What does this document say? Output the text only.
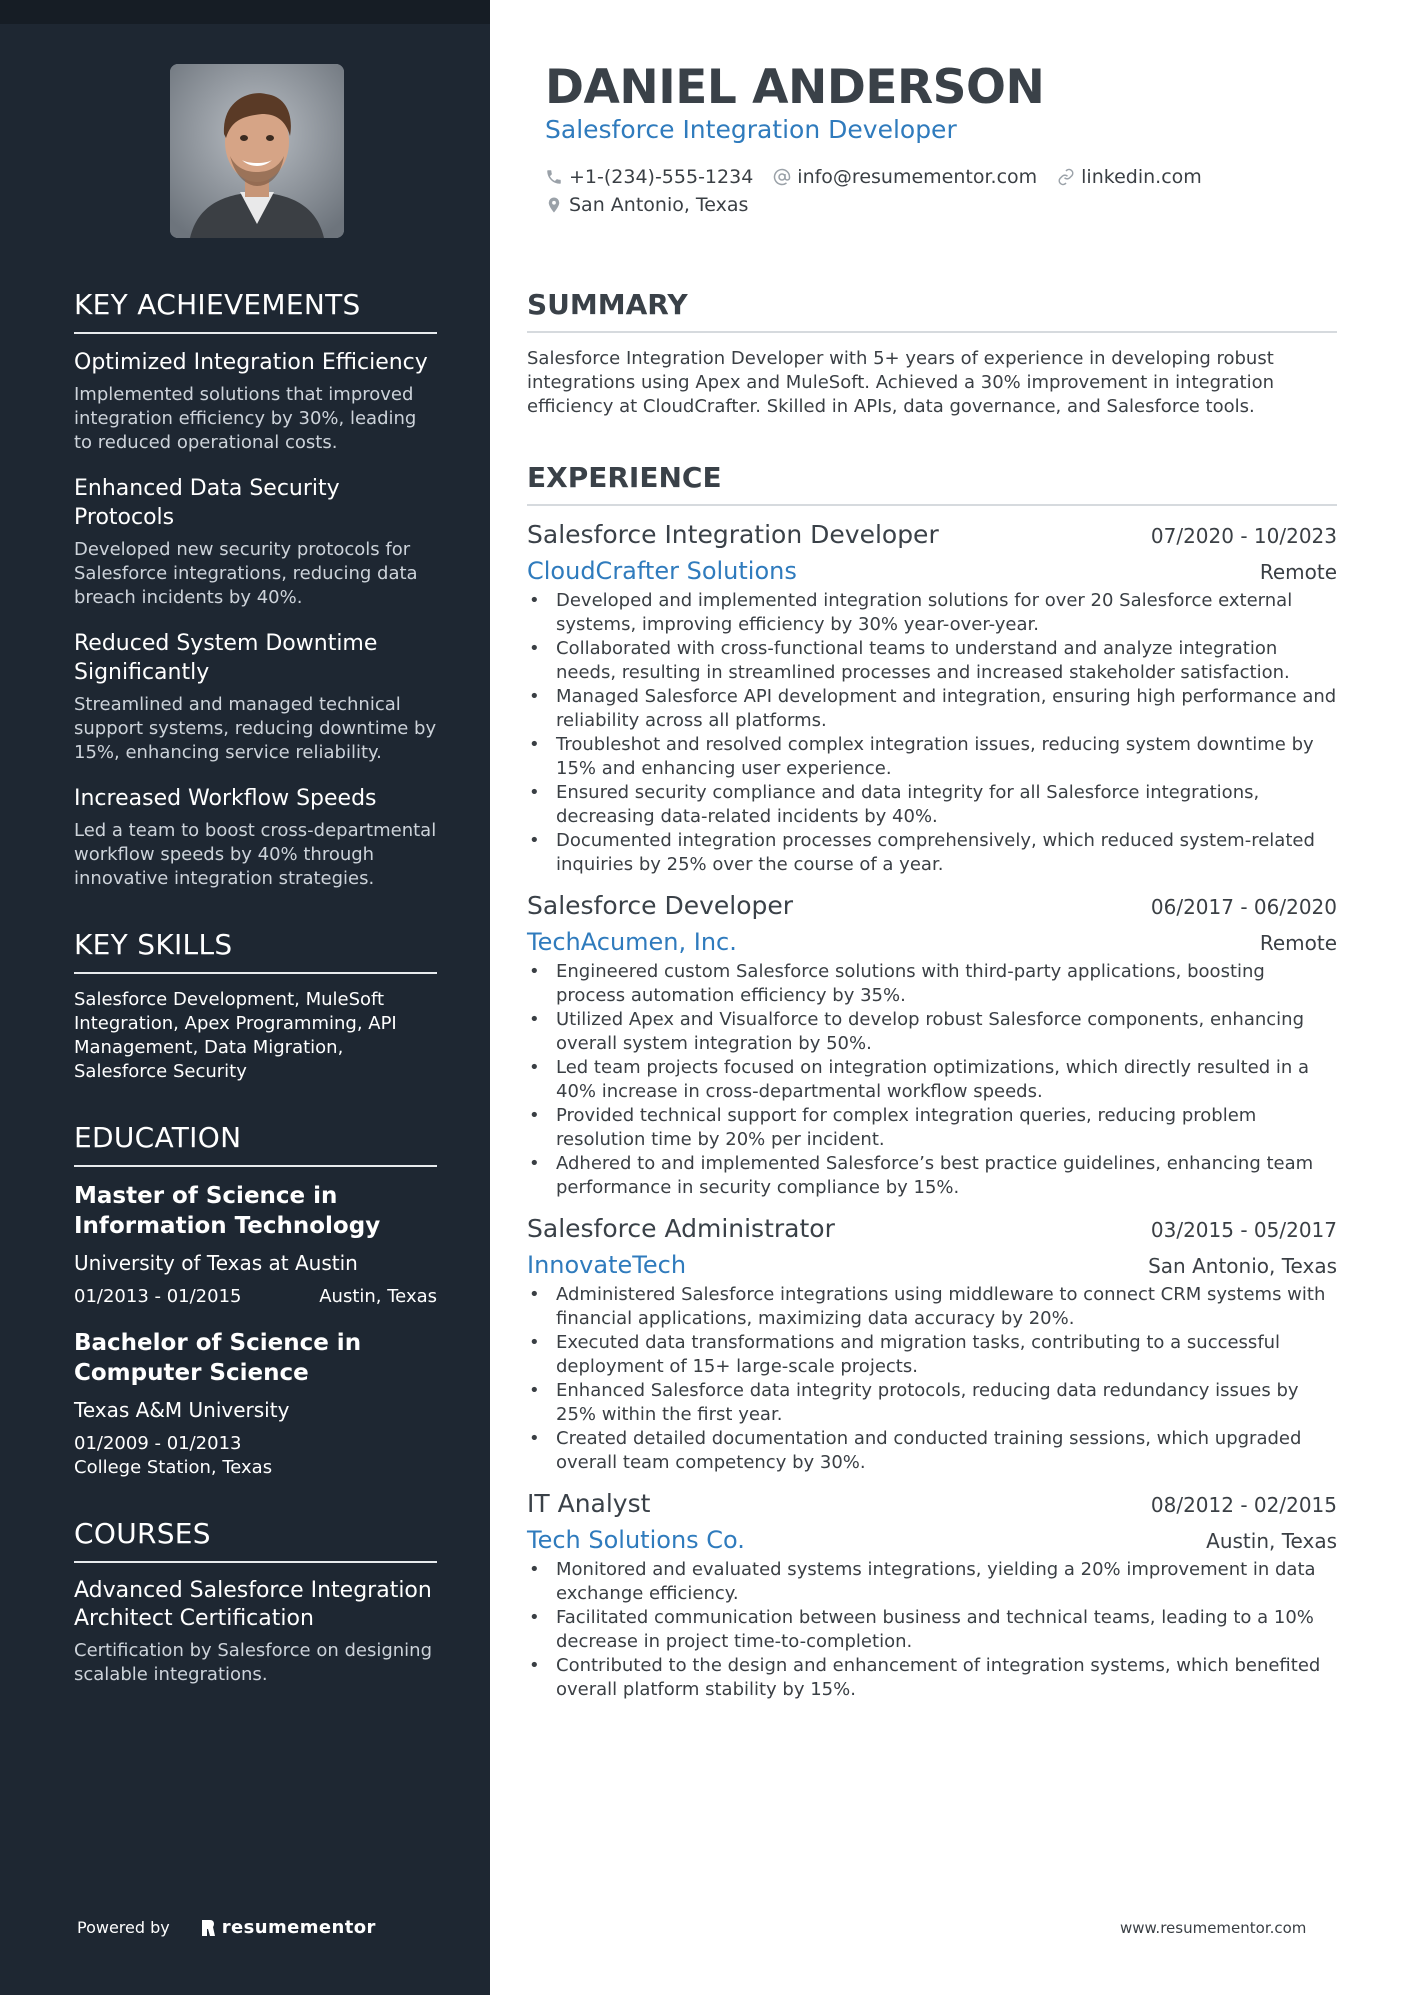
KEY ACHIEVEMENTS
Optimized Integration Efficiency
Implemented solutions that improved integration efficiency by 30%, leading to reduced operational costs.
Enhanced Data Security Protocols
Developed new security protocols for Salesforce integrations, reducing data breach incidents by 40%.
Reduced System Downtime Significantly
Streamlined and managed technical support systems, reducing downtime by 15%, enhancing service reliability.
Increased Workflow Speeds
Led a team to boost cross-departmental workflow speeds by 40% through innovative integration strategies.
KEY SKILLS
Salesforce Development, MuleSoft Integration, Apex Programming, API Management, Data Migration, Salesforce Security
EDUCATION
Master of Science in Information Technology
University of Texas at Austin
01/2013 - 01/2015	Austin, Texas
Bachelor of Science in Computer Science
Texas A&M University
01/2009 - 01/2013
College Station, Texas
COURSES
Advanced Salesforce Integration Architect Certification
Certification by Salesforce on designing scalable integrations.
Powered by	resumementor
DANIEL ANDERSON
Salesforce Integration Developer
+1-(234)-555-1234 info@resumementor.com linkedin.com
San Antonio, Texas
SUMMARY

Salesforce Integration Developer with 5+ years of experience in developing robust integrations using Apex and MuleSoft. Achieved a 30% improvement in integration efficiency at CloudCrafter. Skilled in APIs, data governance, and Salesforce tools.

EXPERIENCE
Salesforce Integration Developer	07/2020 - 10/2023
CloudCrafter Solutions	Remote
• Developed and implemented integration solutions for over 20 Salesforce external systems, improving efficiency by 30% year-over-year.
• Collaborated with cross-functional teams to understand and analyze integration needs, resulting in streamlined processes and increased stakeholder satisfaction.
• Managed Salesforce API development and integration, ensuring high performance and reliability across all platforms.
• Troubleshot and resolved complex integration issues, reducing system downtime by 15% and enhancing user experience.
• Ensured security compliance and data integrity for all Salesforce integrations, decreasing data-related incidents by 40%.
• Documented integration processes comprehensively, which reduced system-related inquiries by 25% over the course of a year.
Salesforce Developer	06/2017 - 06/2020
TechAcumen, Inc.	Remote
• Engineered custom Salesforce solutions with third-party applications, boosting process automation efficiency by 35%.
• Utilized Apex and Visualforce to develop robust Salesforce components, enhancing overall system integration by 50%.
• Led team projects focused on integration optimizations, which directly resulted in a 40% increase in cross-departmental workflow speeds.
• Provided technical support for complex integration queries, reducing problem resolution time by 20% per incident.
• Adhered to and implemented Salesforce’s best practice guidelines, enhancing team performance in security compliance by 15%.
Salesforce Administrator	03/2015 - 05/2017
InnovateTech	San Antonio, Texas
• Administered Salesforce integrations using middleware to connect CRM systems with financial applications, maximizing data accuracy by 20%.
• Executed data transformations and migration tasks, contributing to a successful deployment of 15+ large-scale projects.
• Enhanced Salesforce data integrity protocols, reducing data redundancy issues by 25% within the first year.
• Created detailed documentation and conducted training sessions, which upgraded overall team competency by 30%.
IT Analyst	08/2012 - 02/2015
Tech Solutions Co.	Austin, Texas
• Monitored and evaluated systems integrations, yielding a 20% improvement in data exchange efficiency.
• Facilitated communication between business and technical teams, leading to a 10% decrease in project time-to-completion.
• Contributed to the design and enhancement of integration systems, which benefited overall platform stability by 15%.
www.resumementor.com
